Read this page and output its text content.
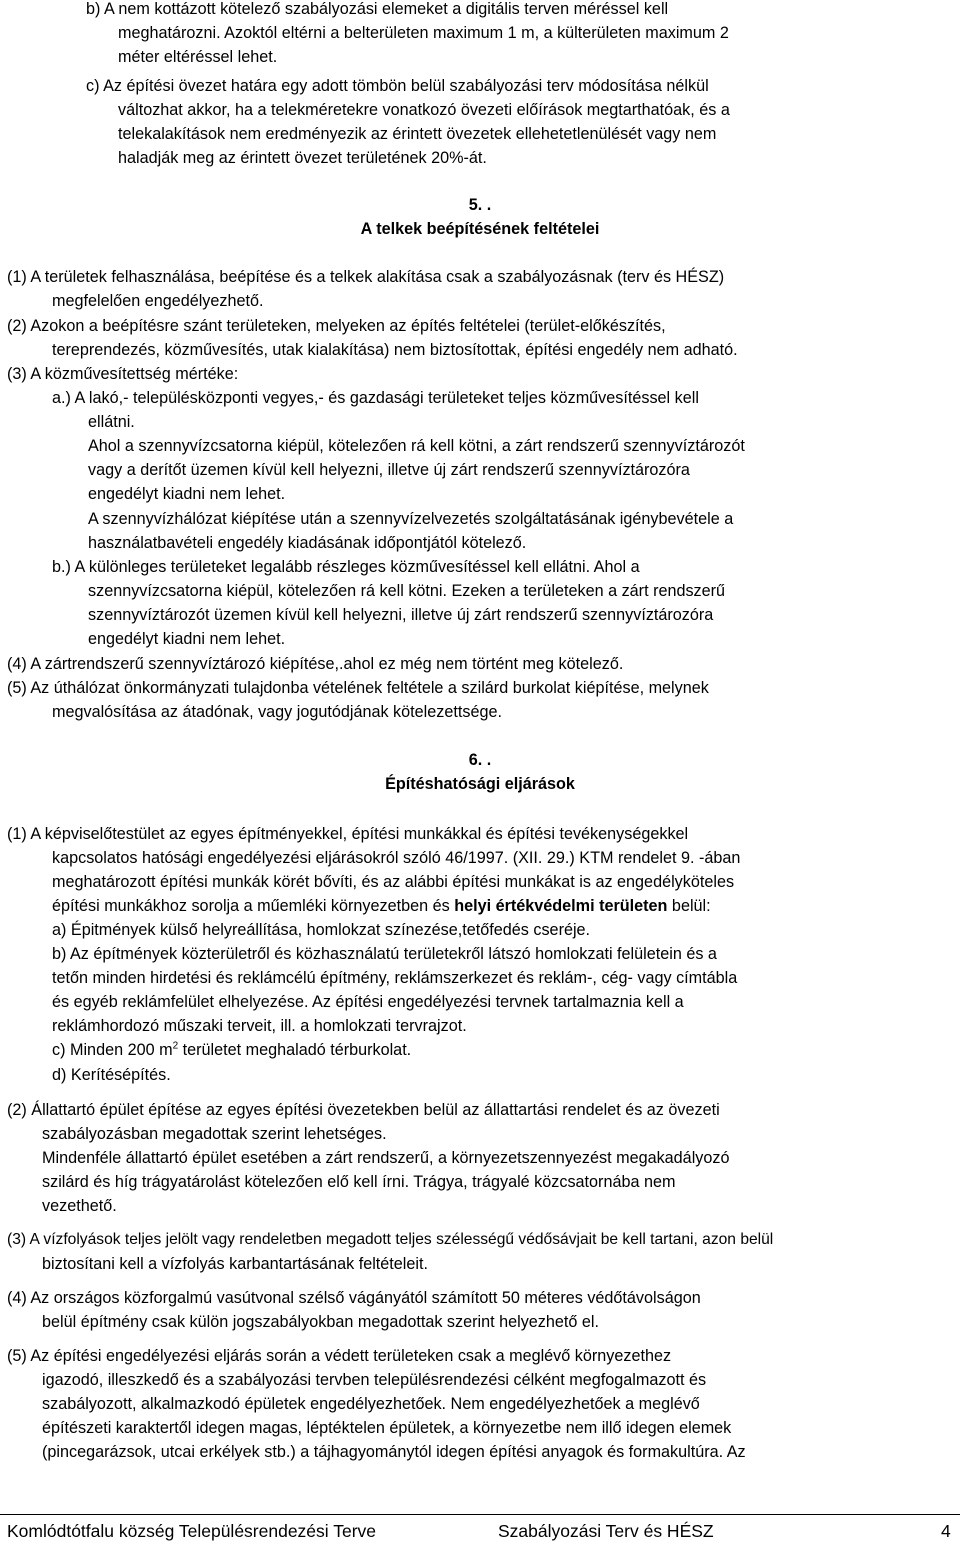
b) A nem kottázott kötelező szabályozási elemeket a digitális terven méréssel kell
meghatározni. Azoktól eltérni a belterületen maximum 1 m, a külterületen maximum 2
méter eltéréssel lehet.
c) Az építési övezet határa egy adott tömbön belül szabályozási terv módosítása nélkül
változhat akkor, ha a telekméretekre vonatkozó övezeti előírások megtarthatóak, és a
telekalakítások nem eredményezik az érintett övezetek ellehetetlenülését vagy nem
haladják meg az érintett övezet területének 20%-át.
5. .
A telkek beépítésének feltételei
(1) A területek felhasználása, beépítése és a telkek alakítása csak a szabályozásnak (terv és HÉSZ)
megfelelően engedélyezhető.
(2) Azokon a beépítésre szánt területeken, melyeken az építés feltételei (terület-előkészítés,
tereprendezés, közművesítés, utak kialakítása) nem biztosítottak, építési engedély nem adható.
(3) A közművesítettség mértéke:
a.) A lakó,- településközponti vegyes,- és gazdasági területeket teljes közművesítéssel kell
ellátni.
Ahol a szennyvízcsatorna kiépül, kötelezően rá kell kötni, a zárt rendszerű szennyvíztározót
vagy a derítőt üzemen kívül kell helyezni, illetve új zárt rendszerű szennyvíztározóra
engedélyt kiadni nem lehet.
A szennyvízhálózat kiépítése után a szennyvízelvezetés szolgáltatásának igénybevétele a
használatbavételi engedély kiadásának időpontjától kötelező.
b.) A különleges területeket legalább részleges közművesítéssel kell ellátni. Ahol a
szennyvízcsatorna kiépül, kötelezően rá kell kötni. Ezeken a területeken a zárt rendszerű
szennyvíztározót üzemen kívül kell helyezni, illetve új zárt rendszerű szennyvíztározóra
engedélyt kiadni nem lehet.
(4) A zártrendszerű szennyvíztározó kiépítése,.ahol ez még nem történt meg kötelező.
(5) Az úthálózat önkormányzati tulajdonba vételének feltétele a szilárd burkolat kiépítése, melynek
megvalósítása az átadónak, vagy jogutódjának kötelezettsége.
6. .
Építéshatósági eljárások
(1) A képviselőtestület az egyes építményekkel, építési munkákkal és építési tevékenységekkel
kapcsolatos hatósági engedélyezési eljárásokról szóló 46/1997. (XII. 29.) KTM rendelet 9. -ában
meghatározott építési munkák körét bővíti, és az alábbi építési munkákat is az engedélyköteles
építési munkákhoz sorolja a műemléki környezetben és helyi értékvédelmi területen belül:
a) Épitmények külső helyreállítása, homlokzat színezése,tetőfedés cseréje.
b) Az építmények közterületről és közhasználatú területekről látszó homlokzati felületein és a
tetőn minden hirdetési és reklámcélú építmény, reklámszerkezet és reklám-, cég- vagy címtábla
és egyéb reklámfelület elhelyezése. Az építési engedélyezési tervnek tartalmaznia kell a
reklámhordozó műszaki terveit, ill. a homlokzati tervrajzot.
c) Minden 200 $m^2$ területet meghaladó térburkolat.
d) Kerítésépítés.
(2) Állattartó épület építése az egyes építési övezetekben belül az állattartási rendelet és az övezeti
szabályozásban megadottak szerint lehetséges.
Mindenféle állattartó épület esetében a zárt rendszerű, a környezetszennyezést megakadályozó
szilárd és híg trágyatárolást kötelezően elő kell írni. Trágya, trágyalé közcsatornába nem
vezethető.
(3) A vízfolyások teljes jelölt vagy rendeletben megadott teljes szélességű védősávjait be kell tartani, azon belül
biztosítani kell a vízfolyás karbantartásának feltételeit.
(4) Az országos közforgalmú vasútvonal szélső vágányától számított 50 méteres védőtávolságon
belül építmény csak külön jogszabályokban megadottak szerint helyezhető el.
(5) Az építési engedélyezési eljárás során a védett területeken csak a meglévő környezethez
igazodó, illeszkedő és a szabályozási tervben településrendezési célként megfogalmazott és
szabályozott, alkalmazkodó épületek engedélyezhetőek. Nem engedélyezhetőek a meglévő
építészeti karaktertől idegen magas, léptéktelen épületek, a környezetbe nem illő idegen elemek
(pincegarázsok, utcai erkélyek stb.) a tájhagyománytól idegen építési anyagok és formakultúra. Az
Komlódtótfalu község Településrendezési Terve	Szabályozási Terv és HÉSZ	4
